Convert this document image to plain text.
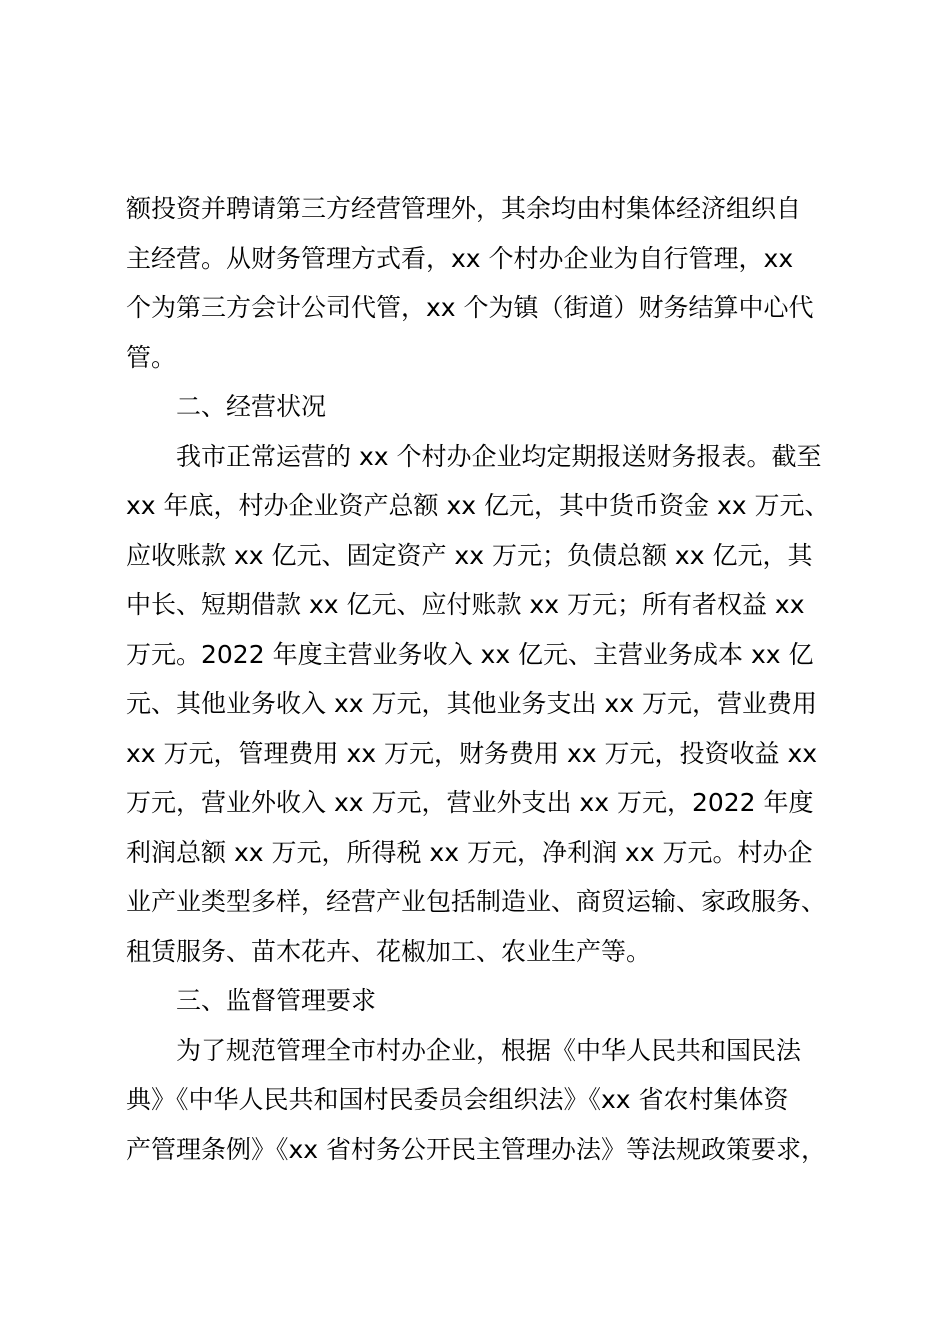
额投资并聘请第三方经营管理外，其余均由村集体经济组织自
主经营。从财务管理方式看，xx 个村办企业为自行管理，xx
个为第三方会计公司代管，xx 个为镇（街道）财务结算中心代
管。
二、经营状况
我市正常运营的 xx 个村办企业均定期报送财务报表。截至
xx 年底，村办企业资产总额 xx 亿元，其中货币资金 xx 万元、
应收账款 xx 亿元、固定资产 xx 万元；负债总额 xx 亿元，其
中长、短期借款 xx 亿元、应付账款 xx 万元；所有者权益 xx
万元。2022 年度主营业务收入 xx 亿元、主营业务成本 xx 亿
元、其他业务收入 xx 万元，其他业务支出 xx 万元，营业费用
xx 万元，管理费用 xx 万元，财务费用 xx 万元，投资收益 xx
万元，营业外收入 xx 万元，营业外支出 xx 万元，2022 年度
利润总额 xx 万元，所得税 xx 万元，净利润 xx 万元。村办企
业产业类型多样，经营产业包括制造业、商贸运输、家政服务、
租赁服务、苗木花卉、花椒加工、农业生产等。
三、监督管理要求
为了规范管理全市村办企业，根据《中华人民共和国民法
典》《中华人民共和国村民委员会组织法》《xx 省农村集体资
产管理条例》《xx 省村务公开民主管理办法》等法规政策要求，
